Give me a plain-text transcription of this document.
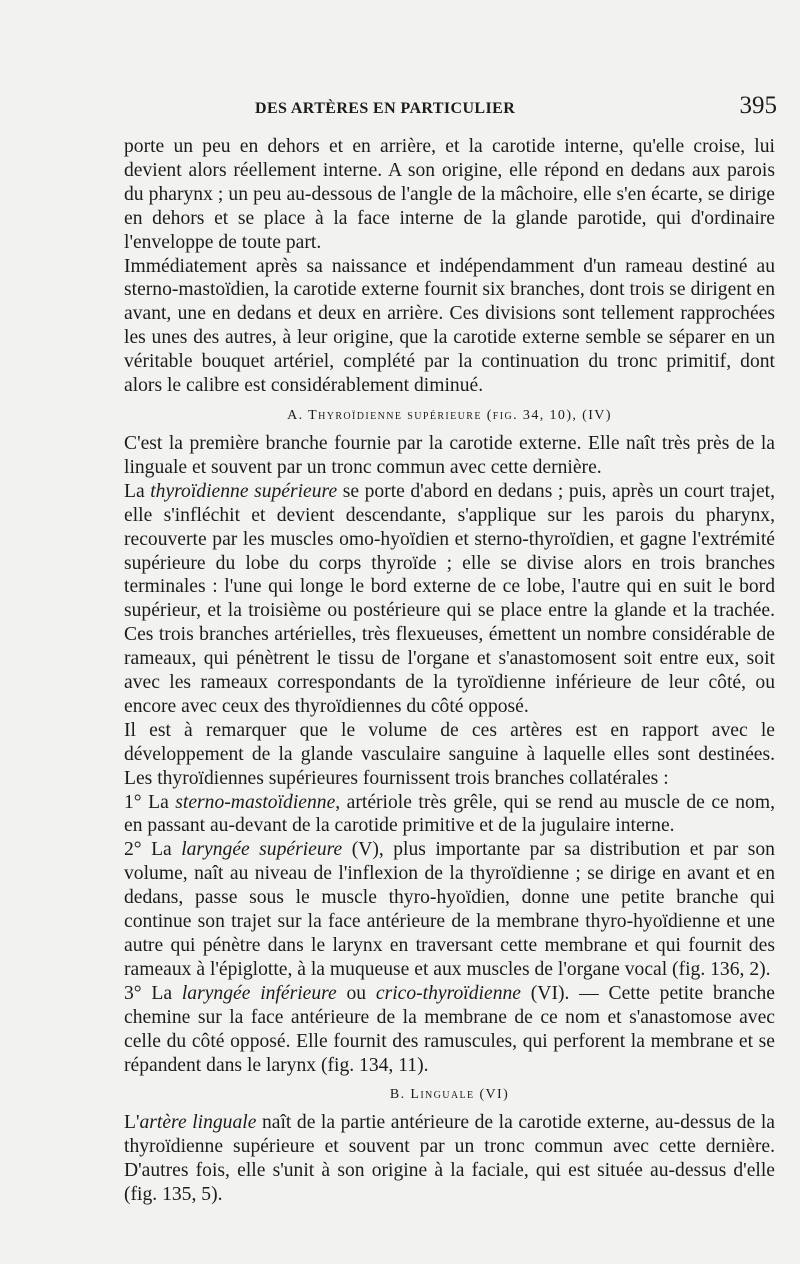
DES ARTÈRES EN PARTICULIER	395

porte un peu en dehors et en arrière, et la carotide interne, qu'elle croise, lui devient alors réellement interne. A son origine, elle répond en dedans aux parois du pharynx ; un peu au-dessous de l'angle de la mâchoire, elle s'en écarte, se dirige en dehors et se place à la face interne de la glande parotide, qui d'ordinaire l'enveloppe de toute part.

Immédiatement après sa naissance et indépendamment d'un rameau destiné au sterno-mastoïdien, la carotide externe fournit six branches, dont trois se dirigent en avant, une en dedans et deux en arrière. Ces divisions sont tellement rapprochées les unes des autres, à leur origine, que la carotide externe semble se séparer en un véritable bouquet artériel, complété par la continuation du tronc primitif, dont alors le calibre est considérablement diminué.

A. Thyroïdienne supérieure (fig. 34, 10), (IV)

C'est la première branche fournie par la carotide externe. Elle naît très près de la linguale et souvent par un tronc commun avec cette dernière.

La thyroïdienne supérieure se porte d'abord en dedans ; puis, après un court trajet, elle s'infléchit et devient descendante, s'applique sur les parois du pharynx, recouverte par les muscles omo-hyoïdien et sterno-thyroïdien, et gagne l'extrémité supérieure du lobe du corps thyroïde ; elle se divise alors en trois branches terminales : l'une qui longe le bord externe de ce lobe, l'autre qui en suit le bord supérieur, et la troisième ou postérieure qui se place entre la glande et la trachée. Ces trois branches artérielles, très flexueuses, émettent un nombre considérable de rameaux, qui pénètrent le tissu de l'organe et s'anastomosent soit entre eux, soit avec les rameaux correspondants de la tyroïdienne inférieure de leur côté, ou encore avec ceux des thyroïdiennes du côté opposé.

Il est à remarquer que le volume de ces artères est en rapport avec le développement de la glande vasculaire sanguine à laquelle elles sont destinées. Les thyroïdiennes supérieures fournissent trois branches collatérales :

1° La sterno-mastoïdienne, artériole très grêle, qui se rend au muscle de ce nom, en passant au-devant de la carotide primitive et de la jugulaire interne.

2° La laryngée supérieure (V), plus importante par sa distribution et par son volume, naît au niveau de l'inflexion de la thyroïdienne ; se dirige en avant et en dedans, passe sous le muscle thyro-hyoïdien, donne une petite branche qui continue son trajet sur la face antérieure de la membrane thyro-hyoïdienne et une autre qui pénètre dans le larynx en traversant cette membrane et qui fournit des rameaux à l'épiglotte, à la muqueuse et aux muscles de l'organe vocal (fig. 136, 2).

3° La laryngée inférieure ou crico-thyroïdienne (VI). — Cette petite branche chemine sur la face antérieure de la membrane de ce nom et s'anastomose avec celle du côté opposé. Elle fournit des ramuscules, qui perforent la membrane et se répandent dans le larynx (fig. 134, 11).

B. Linguale (VI)

L'artère linguale naît de la partie antérieure de la carotide externe, au-dessus de la thyroïdienne supérieure et souvent par un tronc commun avec cette dernière. D'autres fois, elle s'unit à son origine à la faciale, qui est située au-dessus d'elle (fig. 135, 5).
